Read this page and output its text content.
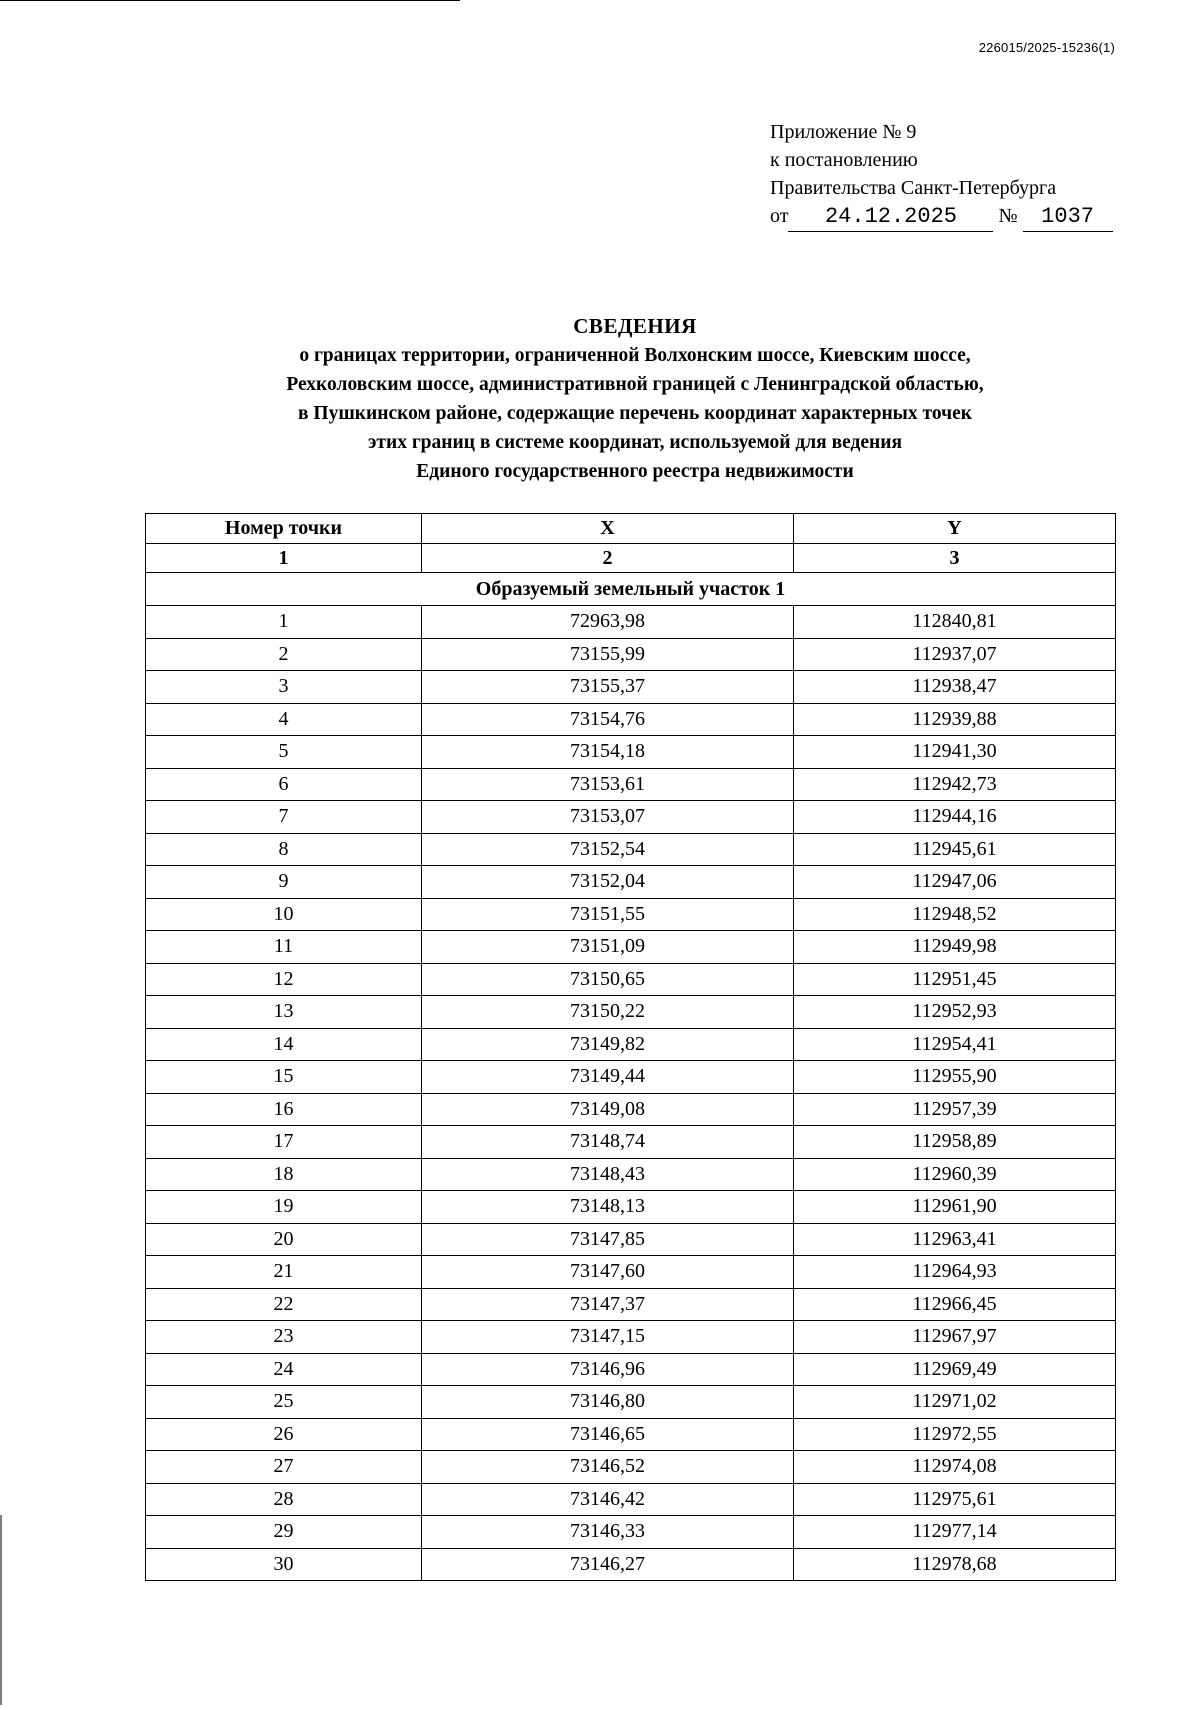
226015/2025-15236(1)
Приложение № 9
к постановлению
Правительства Санкт-Петербурга
от 24.12.2025 № 1037
СВЕДЕНИЯ
о границах территории, ограниченной Волхонским шоссе, Киевским шоссе,
Рехколовским шоссе, административной границей с Ленинградской областью,
в Пушкинском районе, содержащие перечень координат характерных точек
этих границ в системе координат, используемой для ведения
Единого государственного реестра недвижимости
Номер точки	X	Y
1	2	3
Образуемый земельный участок 1		
1	72963,98	112840,81
2	73155,99	112937,07
3	73155,37	112938,47
4	73154,76	112939,88
5	73154,18	112941,30
6	73153,61	112942,73
7	73153,07	112944,16
8	73152,54	112945,61
9	73152,04	112947,06
10	73151,55	112948,52
11	73151,09	112949,98
12	73150,65	112951,45
13	73150,22	112952,93
14	73149,82	112954,41
15	73149,44	112955,90
16	73149,08	112957,39
17	73148,74	112958,89
18	73148,43	112960,39
19	73148,13	112961,90
20	73147,85	112963,41
21	73147,60	112964,93
22	73147,37	112966,45
23	73147,15	112967,97
24	73146,96	112969,49
25	73146,80	112971,02
26	73146,65	112972,55
27	73146,52	112974,08
28	73146,42	112975,61
29	73146,33	112977,14
30	73146,27	112978,68
